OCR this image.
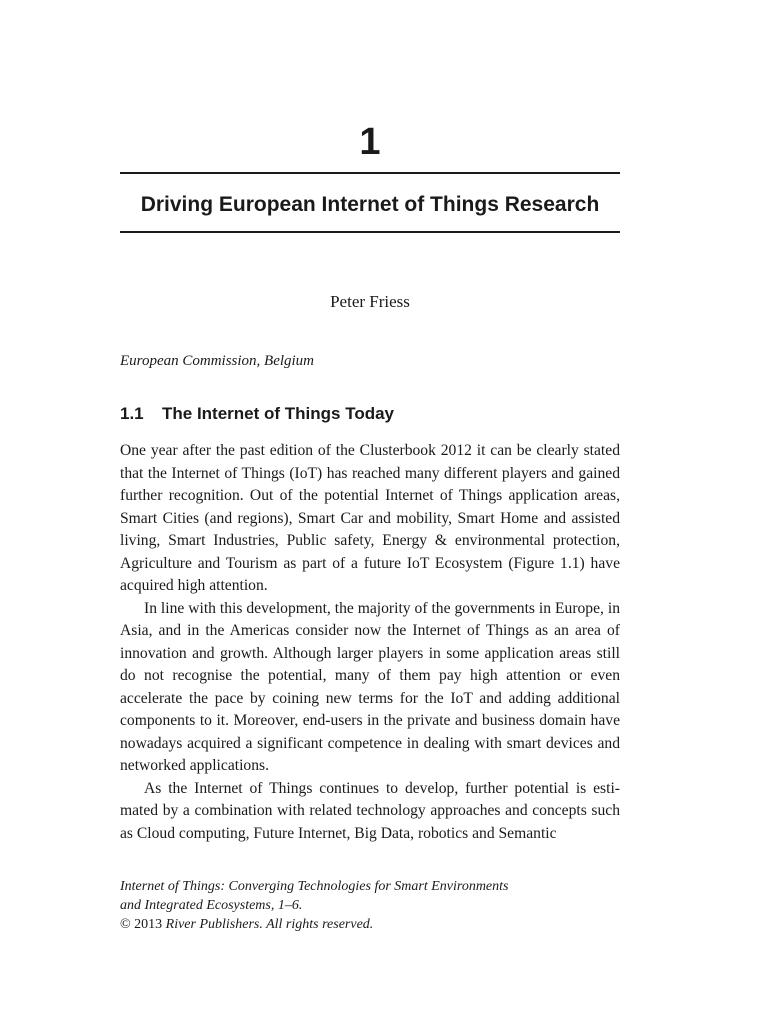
1
Driving European Internet of Things Research
Peter Friess
European Commission, Belgium
1.1 The Internet of Things Today

One year after the past edition of the Clusterbook 2012 it can be clearly stated that the Internet of Things (IoT) has reached many different players and gained further recognition. Out of the potential Internet of Things application areas, Smart Cities (and regions), Smart Car and mobility, Smart Home and assisted living, Smart Industries, Public safety, Energy & environmental protection, Agriculture and Tourism as part of a future IoT Ecosystem (Figure 1.1) have acquired high attention.

In line with this development, the majority of the governments in Europe, in Asia, and in the Americas consider now the Internet of Things as an area of innovation and growth. Although larger players in some application areas still do not recognise the potential, many of them pay high attention or even accelerate the pace by coining new terms for the IoT and adding additional components to it. Moreover, end-users in the private and business domain have nowadays acquired a significant competence in dealing with smart devices and networked applications.

As the Internet of Things continues to develop, further potential is estimated by a combination with related technology approaches and concepts such as Cloud computing, Future Internet, Big Data, robotics and Semantic

Internet of Things: Converging Technologies for Smart Environments
and Integrated Ecosystems, 1–6.
© 2013 River Publishers. All rights reserved.
